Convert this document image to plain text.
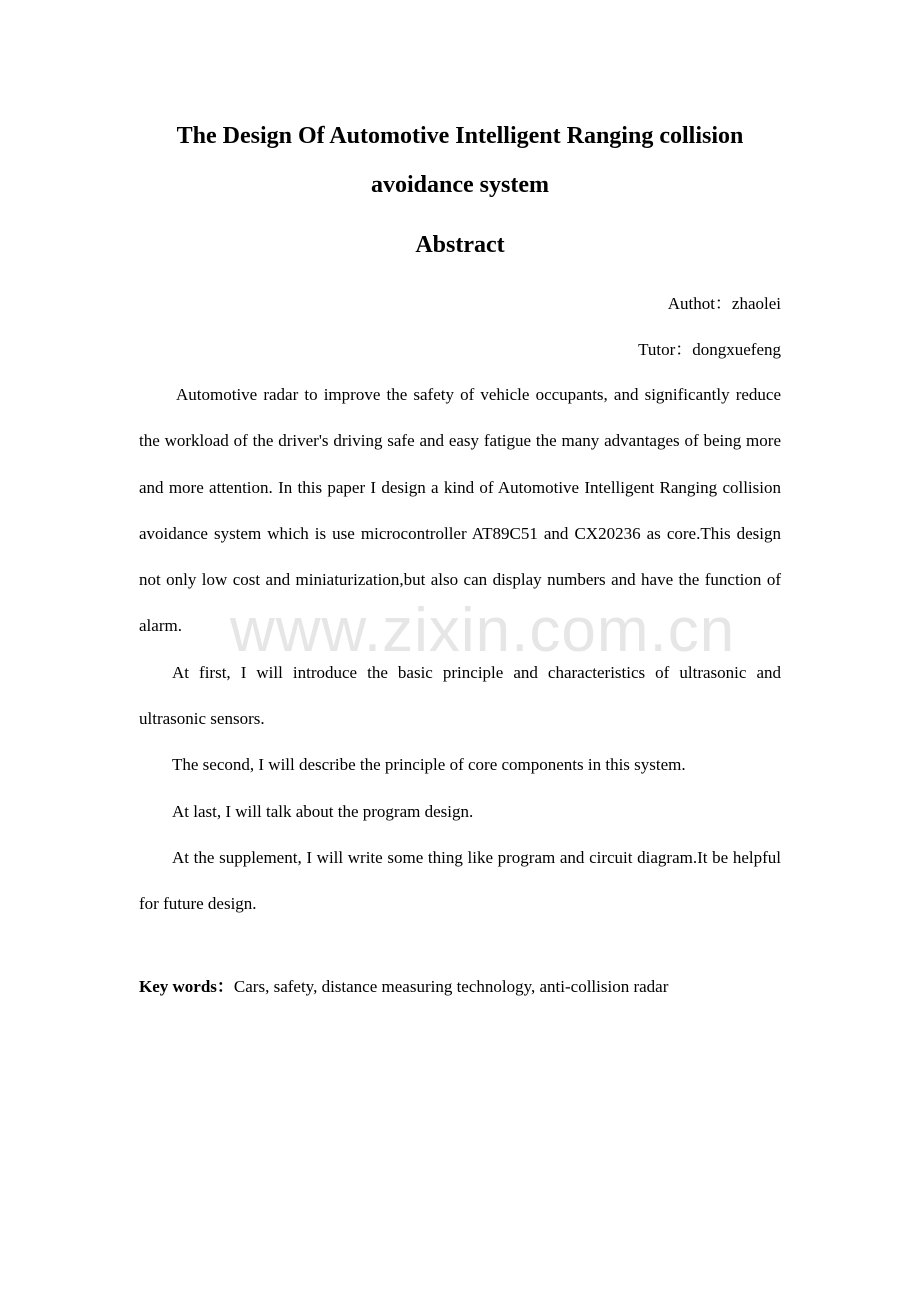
The Design Of Automotive Intelligent Ranging collision
avoidance system
Abstract
Authot：zhaolei
Tutor：dongxuefeng

Automotive radar to improve the safety of vehicle occupants, and significantly reduce the workload of the driver's driving safe and easy fatigue the many advantages of being more and more attention. In this paper I design a kind of Automotive Intelligent Ranging collision avoidance system which is use microcontroller AT89C51 and CX20236 as core.This design not only low cost and miniaturization,but also can display numbers and have the function of alarm.

At first, I will introduce the basic principle and characteristics of ultrasonic and ultrasonic sensors.

The second, I will describe the principle of core components in this system.

At last, I will talk about the program design.

At the supplement, I will write some thing like program and circuit diagram.It be helpful for future design.

www.zixin.com.cn
Key words：Cars, safety, distance measuring technology, anti-collision radar
